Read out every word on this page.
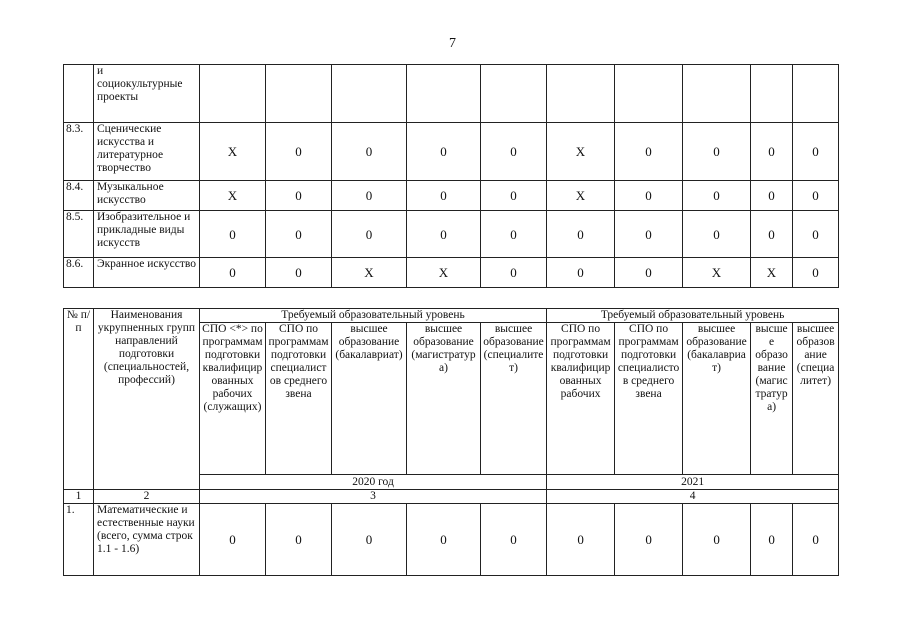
7
	и
социокультурные
проекты										
8.3.	Сценические искусства и литературное творчество	X	0	0	0	0	X	0	0	0	0
8.4.	Музыкальное искусство	X	0	0	0	0	X	0	0	0	0
8.5.	Изобразительное и прикладные виды искусств	0	0	0	0	0	0	0	0	0	0
8.6.	Экранное искусство	0	0	X	X	0	0	0	X	X	0
№ п/п	Наименования укрупненных групп направлений подготовки (специальностей, профессий)	Требуемый образовательный уровень					Требуемый образовательный уровень				
		СПО <*> по программам подготовки квалифицированных рабочих (служащих)	СПО по программам подготовки специалистов среднего звена	высшее образование (бакалавриат)	высшее образование (магистратура)	высшее образование (специалитет)	СПО по программам подготовки квалифицированных рабочих	СПО по программам подготовки специалистов среднего звена	высшее образование (бакалавриат)	высшее образование (магистратура)	высшее образование (специалитет)
		2020 год					2021				
1	2	3					4				
1.	Математические и естественные науки (всего, сумма строк 1.1 - 1.6)	0	0	0	0	0	0	0	0	0	0
